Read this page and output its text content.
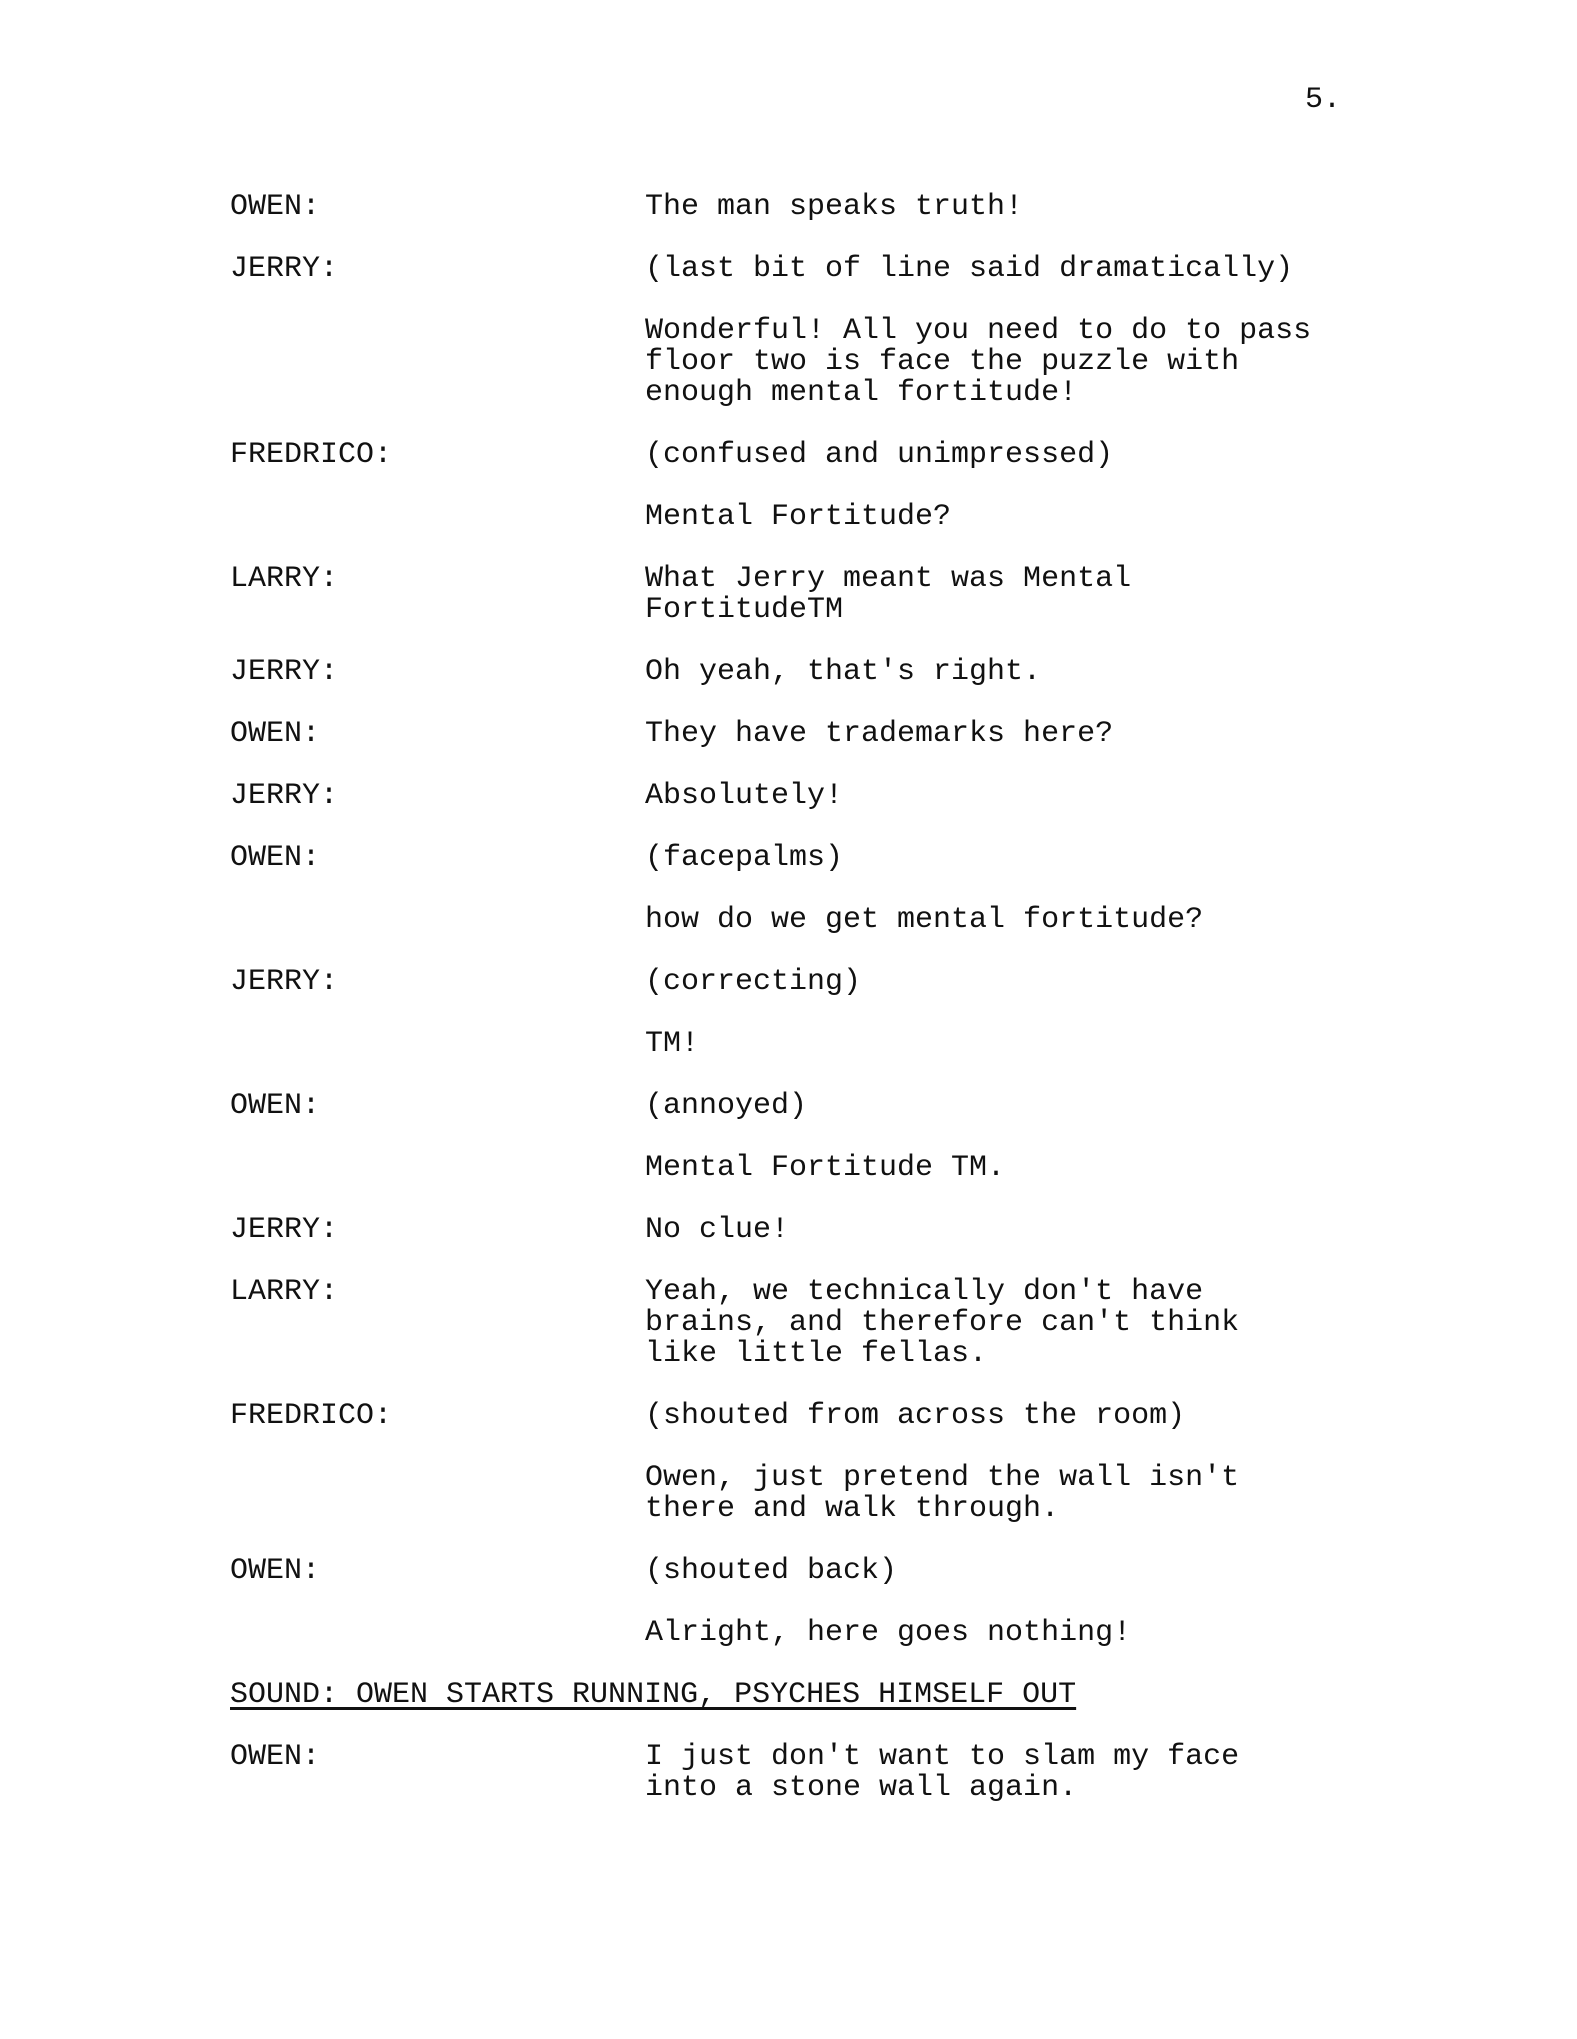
5.
OWEN:	The man speaks truth!
JERRY:	(last bit of line said dramatically)
Wonderful! All you need to do to pass
floor two is face the puzzle with
enough mental fortitude!
FREDRICO:	(confused and unimpressed)
Mental Fortitude?
LARRY:	What Jerry meant was Mental
FortitudeTM
JERRY:	Oh yeah, that's right.
OWEN:	They have trademarks here?
JERRY:	Absolutely!
OWEN:	(facepalms)
how do we get mental fortitude?
JERRY:	(correcting)
TM!
OWEN:	(annoyed)
Mental Fortitude TM.
JERRY:	No clue!
LARRY:	Yeah, we technically don't have
brains, and therefore can't think
like little fellas.
FREDRICO:	(shouted from across the room)
Owen, just pretend the wall isn't
there and walk through.
OWEN:	(shouted back)
Alright, here goes nothing!
SOUND: OWEN STARTS RUNNING, PSYCHES HIMSELF OUT
OWEN:	I just don't want to slam my face
into a stone wall again.
